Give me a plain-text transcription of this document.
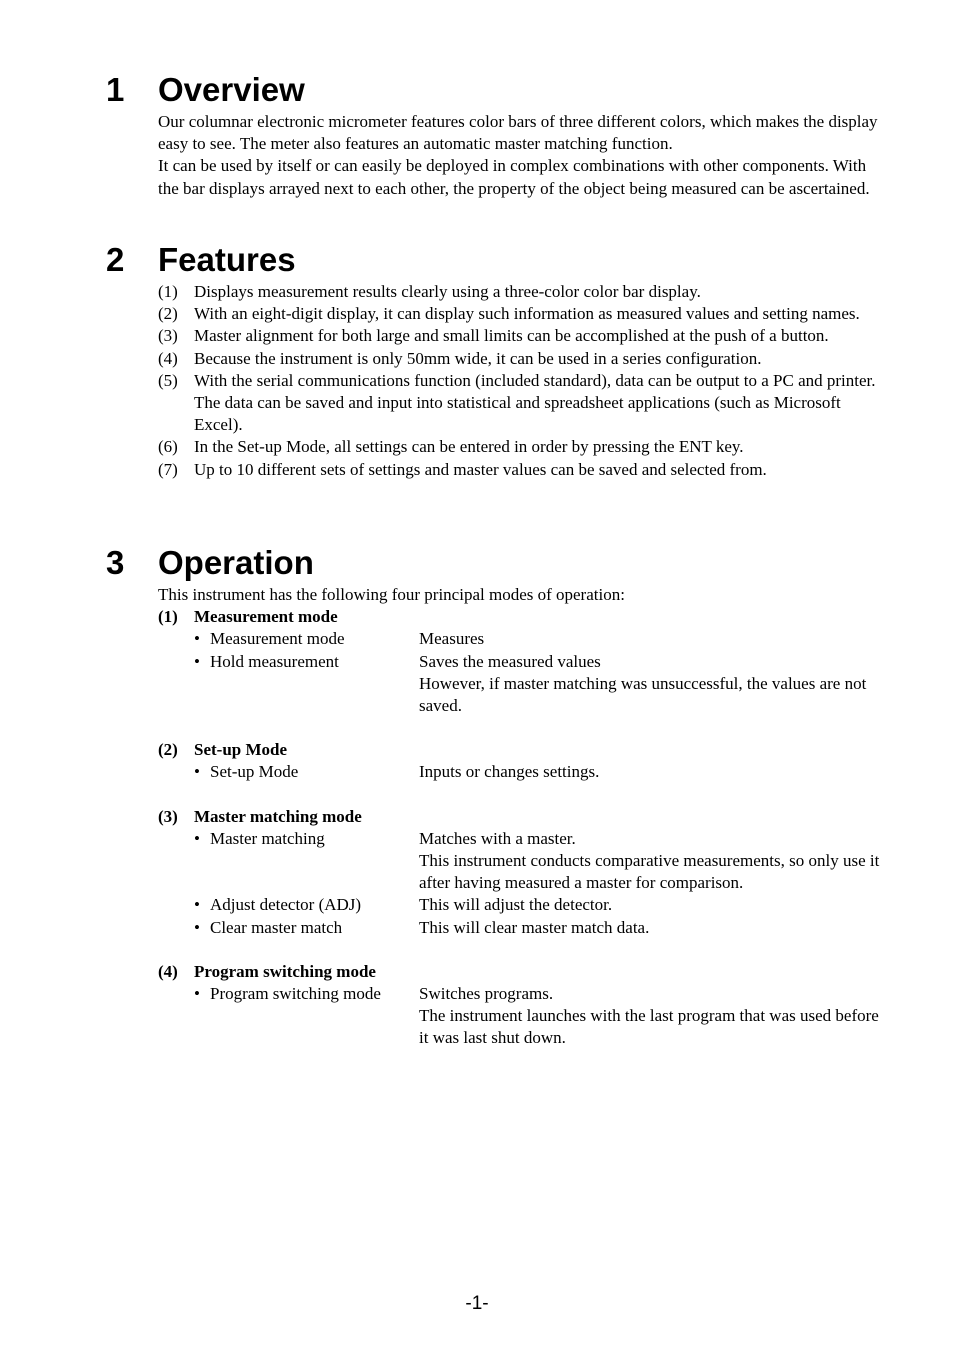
1 Overview

Our columnar electronic micrometer features color bars of three different colors, which makes the display easy to see. The meter also features an automatic master matching function.

It can be used by itself or can easily be deployed in complex combinations with other components. With the bar displays arrayed next to each other, the property of the object being measured can be ascertained.

2 Features
(1) Displays measurement results clearly using a three-color color bar display.
(2) With an eight-digit display, it can display such information as measured values and setting names.
(3) Master alignment for both large and small limits can be accomplished at the push of a button.
(4) Because the instrument is only 50mm wide, it can be used in a series configuration.
(5) With the serial communications function (included standard), data can be output to a PC and printer. The data can be saved and input into statistical and spreadsheet applications (such as Microsoft Excel).
(6) In the Set-up Mode, all settings can be entered in order by pressing the ENT key.
(7) Up to 10 different sets of settings and master values can be saved and selected from.
3 Operation
This instrument has the following four principal modes of operation:
(1) Measurement mode
• Measurement mode	Measures

• Hold measurement	Saves the measured values

However, if master matching was unsuccessful, the values are not saved.

(2) Set-up Mode
• Set-up Mode	Inputs or changes settings.

(3) Master matching mode
• Master matching	Matches with a master.

This instrument conducts comparative measurements, so only use it after having measured a master for comparison.

• Adjust detector (ADJ)	This will adjust the detector.

• Clear master match	This will clear master match data.

(4) Program switching mode
• Program switching mode	Switches programs.

The instrument launches with the last program that was used before it was last shut down.

-1-
